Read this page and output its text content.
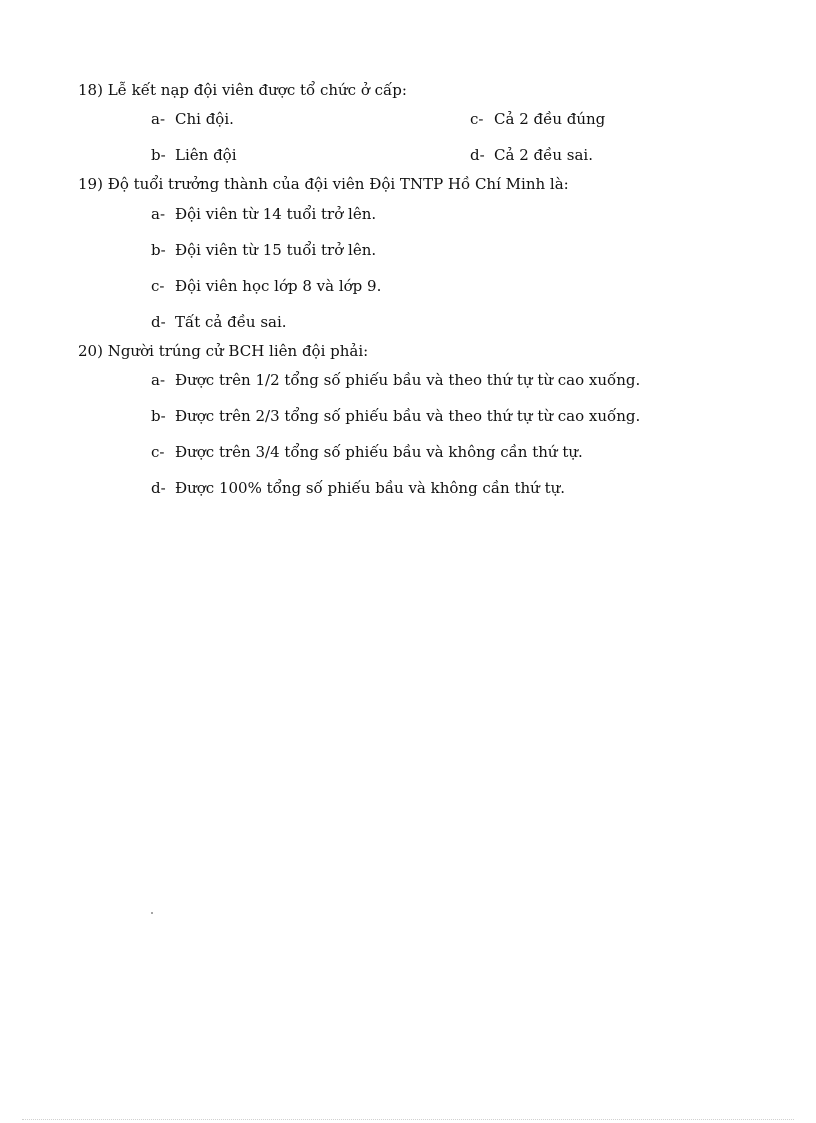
18) Lễ kết nạp đội viên được tổ chức ở cấp:
a- Chi đội.
b- Liên đội
c- Cả 2 đều đúng
d- Cả 2 đều sai.
19) Độ tuổi trưởng thành của đội viên Đội TNTP Hồ Chí Minh là:
a- Đội viên từ 14 tuổi trở lên.
b- Đội viên từ 15 tuổi trở lên.
c- Đội viên học lớp 8 và lớp 9.
d- Tất cả đều sai.
20) Người trúng cử BCH liên đội phải:
a- Được trên 1/2 tổng số phiếu bầu và theo thứ tự từ cao xuống.
b- Được trên 2/3 tổng số phiếu bầu và theo thứ tự từ cao xuống.
c- Được trên 3/4 tổng số phiếu bầu và không cần thứ tự.
d- Được 100% tổng số phiếu bầu và không cần thứ tự.
